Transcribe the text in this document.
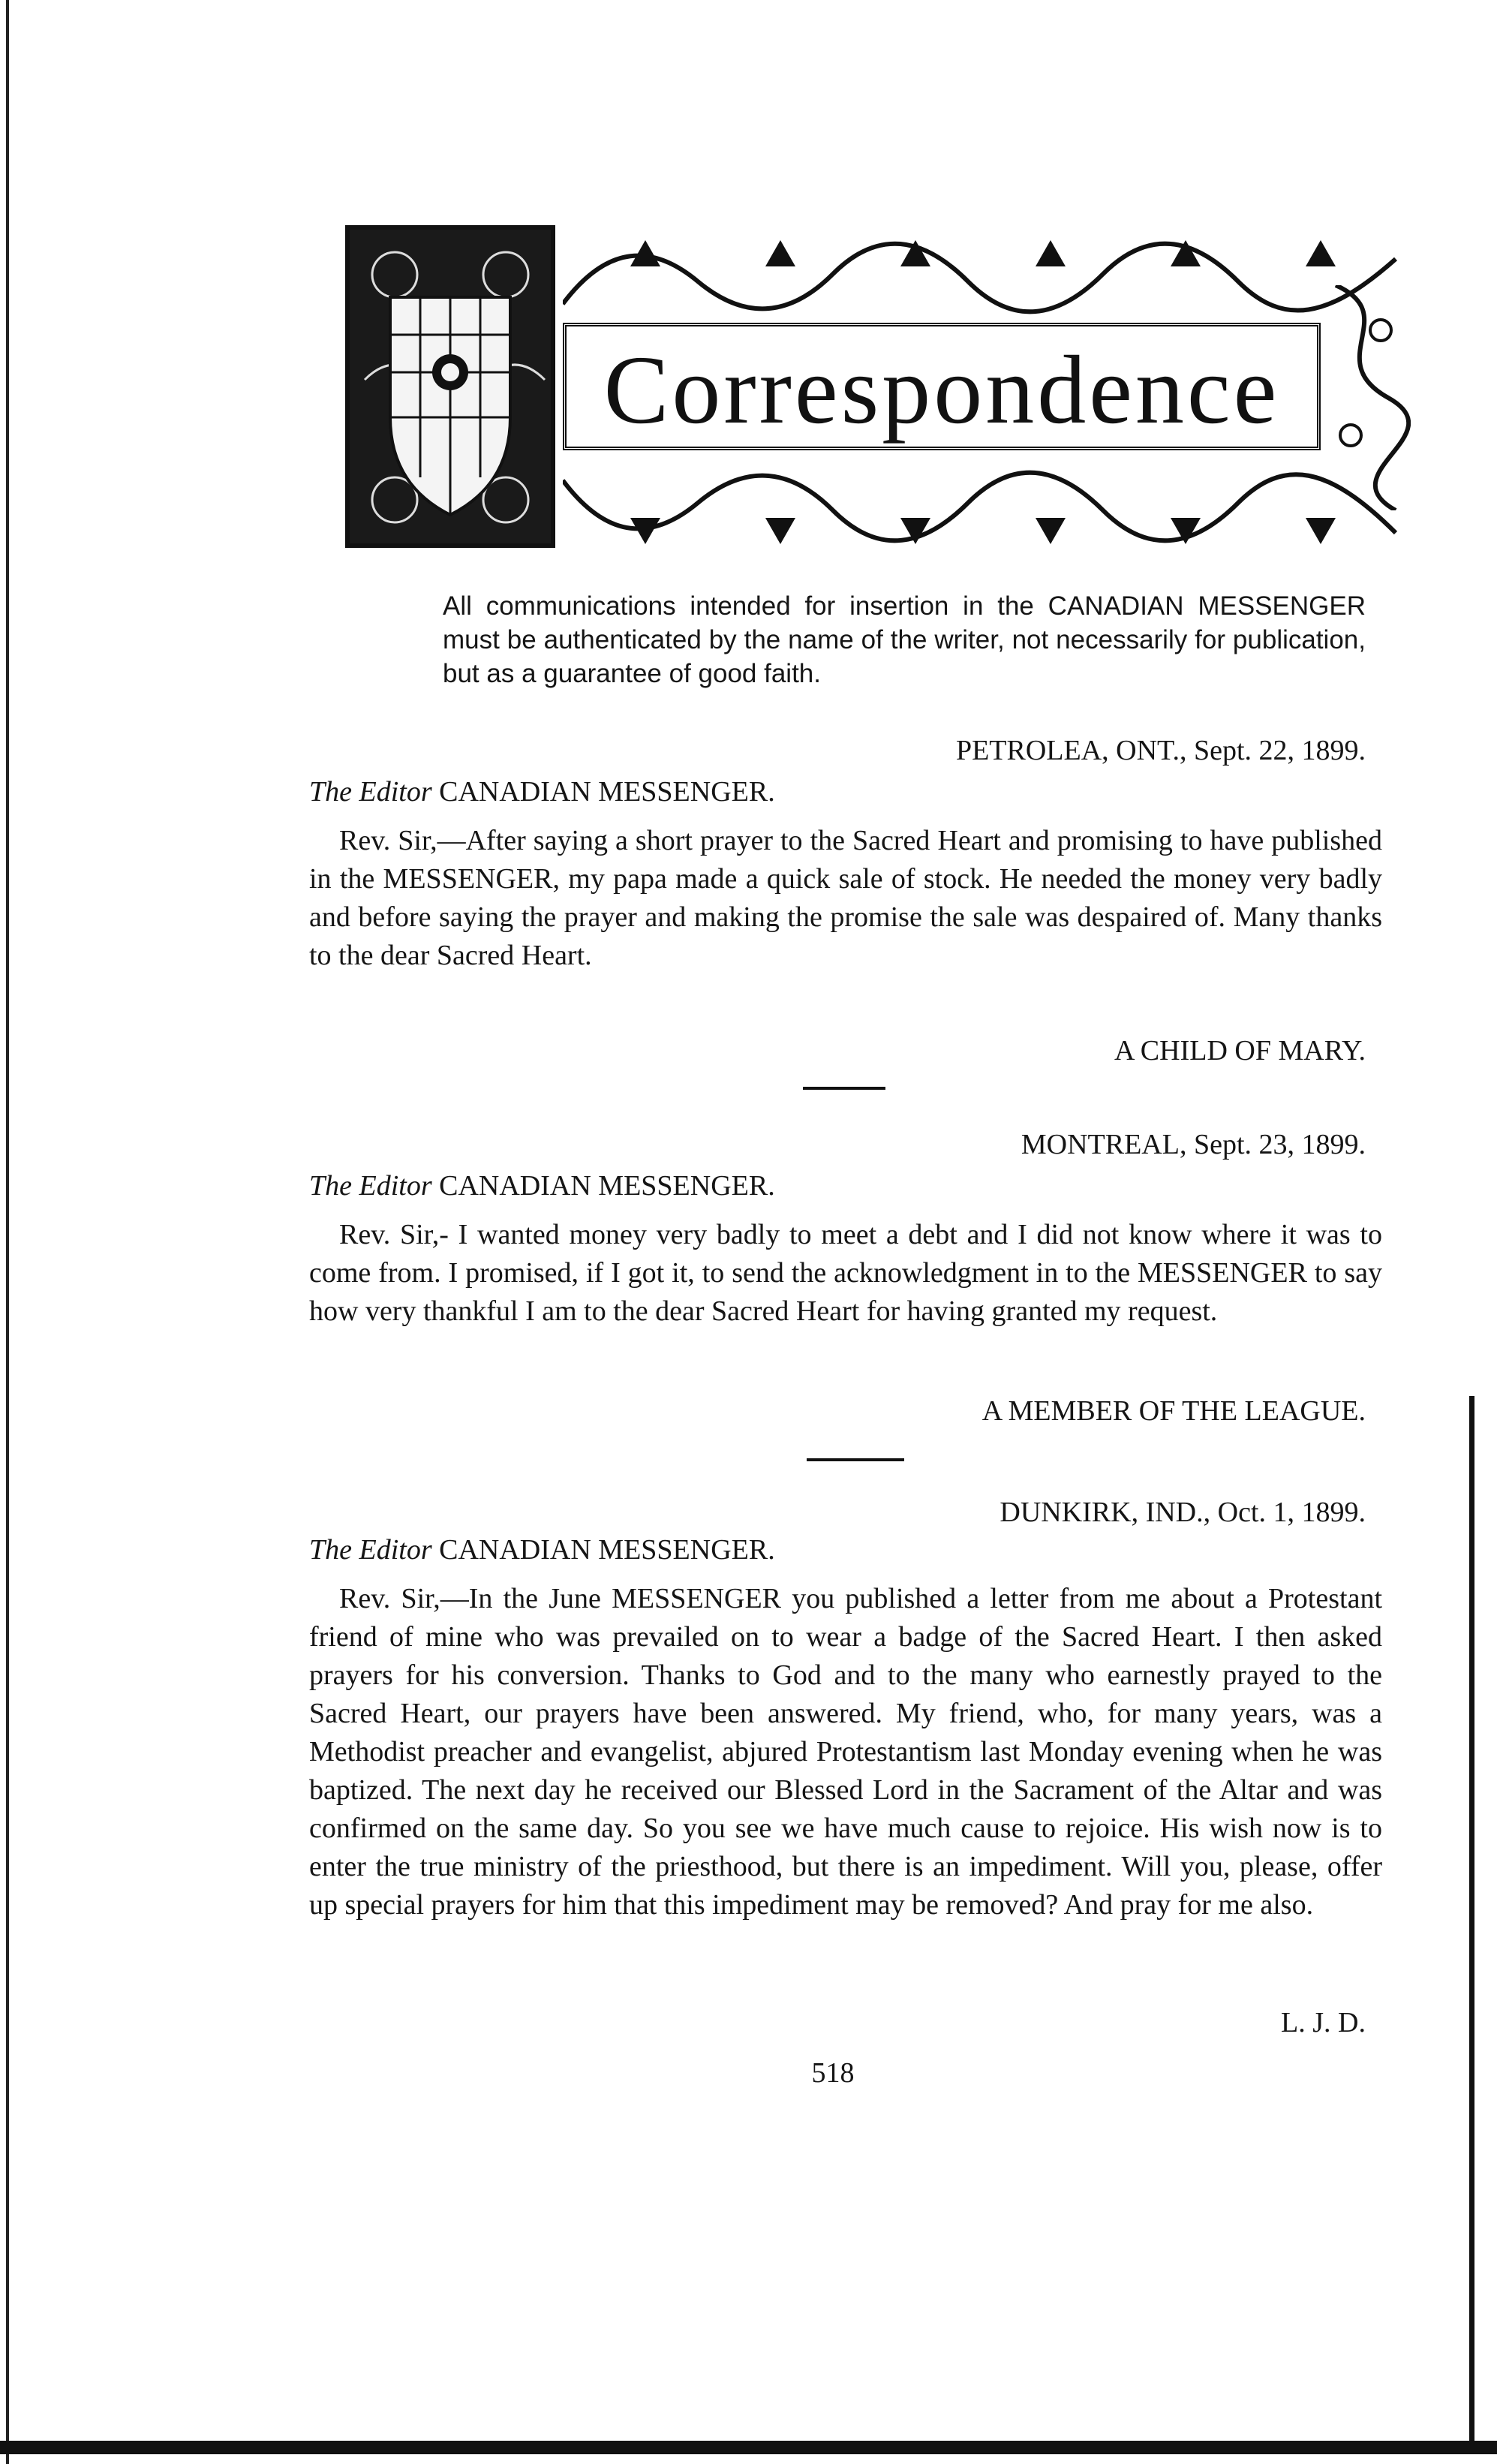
Correspondence
All communications intended for insertion in the CANADIAN MESSENGER must be authenticated by the name of the writer, not necessarily for publication, but as a guarantee of good faith.
PETROLEA, ONT., Sept. 22, 1899.
The Editor CANADIAN MESSENGER.

Rev. Sir,—After saying a short prayer to the Sacred Heart and promising to have published in the MESSENGER, my papa made a quick sale of stock. He needed the money very badly and before saying the prayer and making the promise the sale was despaired of. Many thanks to the dear Sacred Heart.

A CHILD OF MARY.
MONTREAL, Sept. 23, 1899.
The Editor CANADIAN MESSENGER.

Rev. Sir,- I wanted money very badly to meet a debt and I did not know where it was to come from. I promised, if I got it, to send the acknowledgment in to the MESSENGER to say how very thankful I am to the dear Sacred Heart for having granted my request.

A MEMBER OF THE LEAGUE.
DUNKIRK, IND., Oct. 1, 1899.
The Editor CANADIAN MESSENGER.

Rev. Sir,—In the June MESSENGER you published a letter from me about a Protestant friend of mine who was prevailed on to wear a badge of the Sacred Heart. I then asked prayers for his conversion. Thanks to God and to the many who earnestly prayed to the Sacred Heart, our prayers have been answered. My friend, who, for many years, was a Methodist preacher and evangelist, abjured Protestantism last Monday evening when he was baptized. The next day he received our Blessed Lord in the Sacrament of the Altar and was confirmed on the same day. So you see we have much cause to rejoice. His wish now is to enter the true ministry of the priesthood, but there is an impediment. Will you, please, offer up special prayers for him that this impediment may be removed? And pray for me also.

L. J. D.
518
